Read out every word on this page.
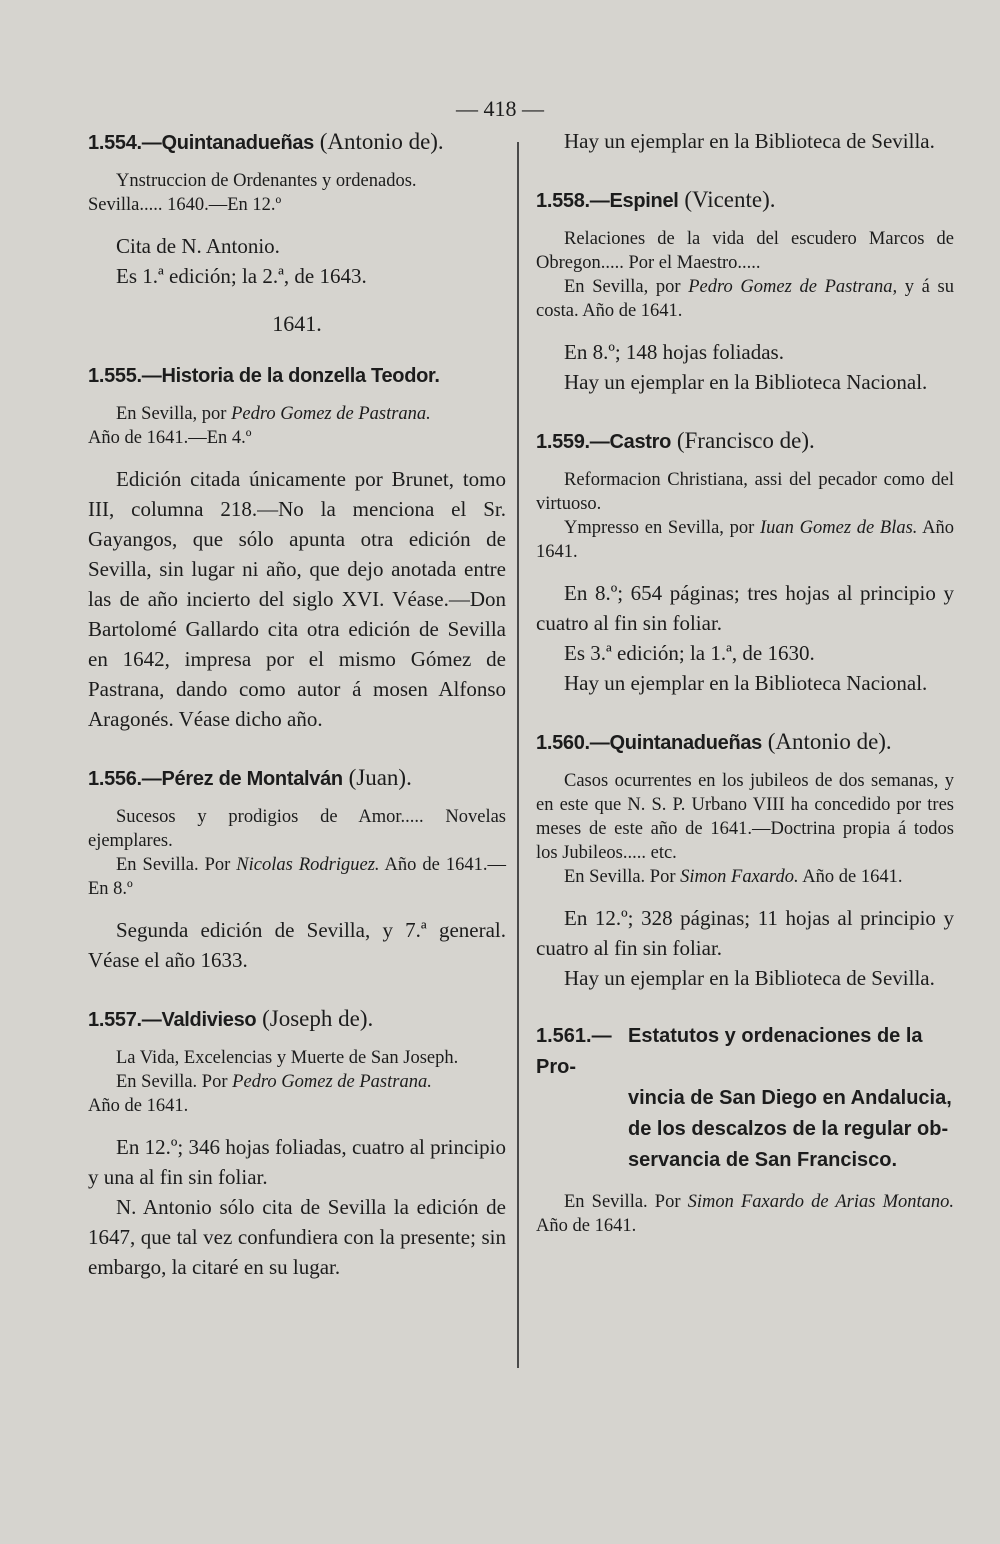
— 418 —

1.554.—Quintanadueñas (Antonio de).

Ynstruccion de Ordenantes y ordenados.

Sevilla..... 1640.—En 12.º

Cita de N. Antonio.

Es 1.ª edición; la 2.ª, de 1643.

1641.

1.555.—Historia de la donzella Teodor.

En Sevilla, por Pedro Gomez de Pastrana.

Año de 1641.—En 4.º

Edición citada únicamente por Brunet, tomo III, columna 218.—No la menciona el Sr. Gayangos, que sólo apunta otra edición de Sevilla, sin lugar ni año, que dejo anotada entre las de año incierto del siglo XVI. Véase.—Don Bartolomé Gallardo cita otra edición de Sevilla en 1642, impresa por el mismo Gómez de Pastrana, dando como autor á mosen Alfonso Aragonés. Véase dicho año.

1.556.—Pérez de Montalván (Juan).

Sucesos y prodigios de Amor..... Novelas ejemplares.

En Sevilla. Por Nicolas Rodriguez. Año de 1641.—En 8.º

Segunda edición de Sevilla, y 7.ª general. Véase el año 1633.

1.557.—Valdivieso (Joseph de).

La Vida, Excelencias y Muerte de San Joseph.

En Sevilla. Por Pedro Gomez de Pastrana.

Año de 1641.

En 12.º; 346 hojas foliadas, cuatro al principio y una al fin sin foliar.

N. Antonio sólo cita de Sevilla la edición de 1647, que tal vez confundiera con la presente; sin embargo, la citaré en su lugar.

Hay un ejemplar en la Biblioteca de Sevilla.

1.558.—Espinel (Vicente).

Relaciones de la vida del escudero Marcos de Obregon..... Por el Maestro.....

En Sevilla, por Pedro Gomez de Pastrana, y á su costa. Año de 1641.

En 8.º; 148 hojas foliadas.

Hay un ejemplar en la Biblioteca Nacional.

1.559.—Castro (Francisco de).

Reformacion Christiana, assi del pecador como del virtuoso.

Ympresso en Sevilla, por Iuan Gomez de Blas. Año 1641.

En 8.º; 654 páginas; tres hojas al principio y cuatro al fin sin foliar.

Es 3.ª edición; la 1.ª, de 1630.

Hay un ejemplar en la Biblioteca Nacional.

1.560.—Quintanadueñas (Antonio de).

Casos ocurrentes en los jubileos de dos semanas, y en este que N. S. P. Urbano VIII ha concedido por tres meses de este año de 1641.—Doctrina propia á todos los Jubileos..... etc.

En Sevilla. Por Simon Faxardo. Año de 1641.

En 12.º; 328 páginas; 11 hojas al principio y cuatro al fin sin foliar.

Hay un ejemplar en la Biblioteca de Sevilla.

1.561.— Estatutos y ordenaciones de la Pro-
vincia de San Diego en Andalucia,
de los descalzos de la regular ob-
servancia de San Francisco.

En Sevilla. Por Simon Faxardo de Arias Montano. Año de 1641.
